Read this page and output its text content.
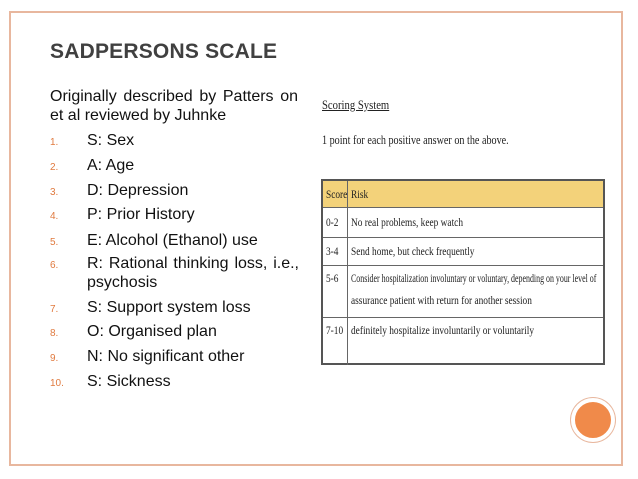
SADPERSONS SCALE
Originally described by Patters on et al reviewed by Juhnke
1. S: Sex
2. A: Age
3. D: Depression
4. P: Prior History
5. E: Alcohol (Ethanol) use
6. R: Rational thinking loss, i.e., psychosis
7. S: Support system loss
8. O: Organised plan
9. N: No significant other
10. S: Sickness
Scoring System
1 point for each positive answer on the above.
Score Risk
0-2 No real problems, keep watch
3-4 Send home, but check frequently
5-6 Consider hospitalization involuntary or voluntary, depending on your level of
assurance patient with return for another session
7-10 definitely hospitalize involuntarily or voluntarily
